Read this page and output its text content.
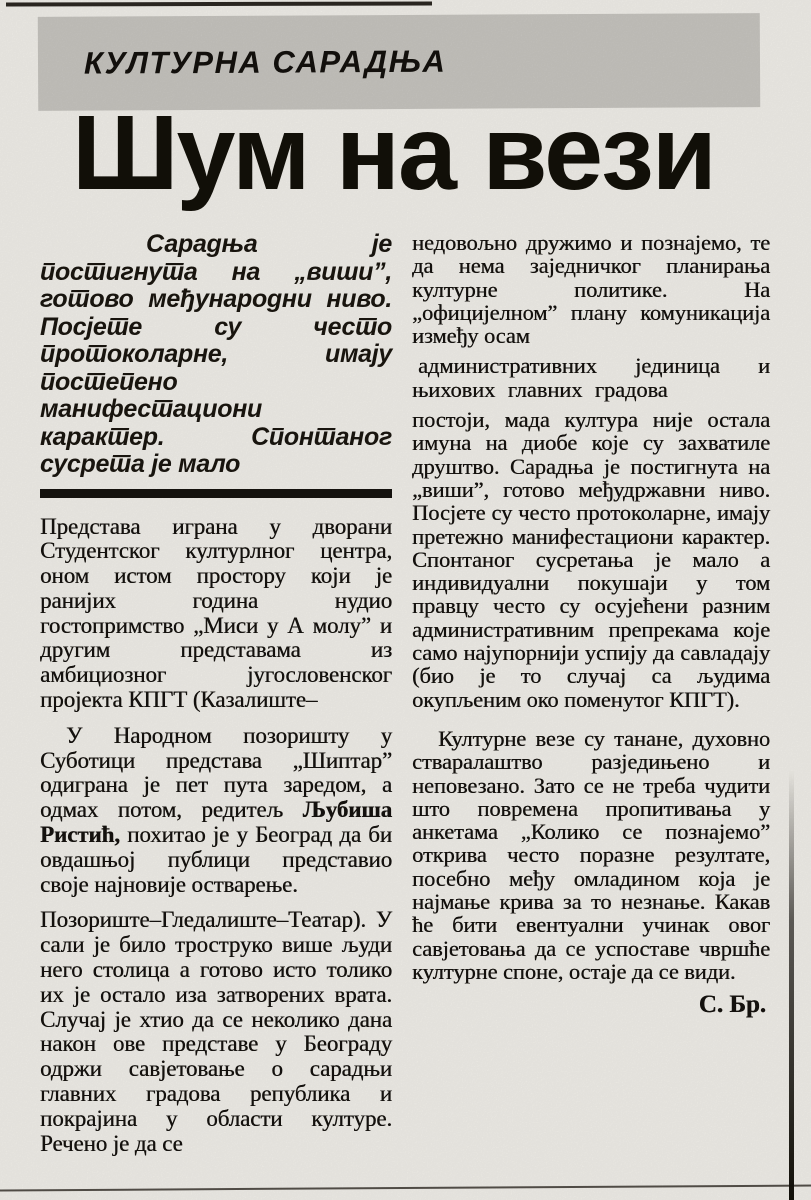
КУЛТУРНА САРАДЊА
Шум на вези

Сарадња је постигнута на „виши”, готово међународни ниво. Посјете су често протоколарне, имају постепено манифестациони карактер. Спонтаног сусрета је мало

Представа играна у дворани Студентског културлног центра, оном истом простору који је ранијих година нудио гостопримство „Миси у А молу” и другим представама из амбициозног југословенског пројекта КПГТ (Казалиште–

У Народном позоришту у Суботици представа „Шиптар” одиграна је пет пута заредом, а одмах потом, редитељ Љубиша Ристић, похитао је у Београд да би овдашњој публици представио своје најновије остварење.

Позориште–Гледалиште–Театар). У сали је било троструко више људи него столица а готово исто толико их је остало иза затворених врата. Случај је хтио да се неколико дана након ове представе у Београду одржи савјетовање о сарадњи главних градова република и покрајина у области културе. Речено је да се

недовољно дружимо и познајемо, те да нема заједничког планирања културне политике. На „официјелном” плану комуникација између осам

административних јединица и њихових главних градова

постоји, мада култура није остала имуна на диобе које су захватиле друштво. Сарадња је постигнута на „виши”, готово међудржавни ниво. Посјете су често протоколарне, имају претежно манифестациони карактер. Спонтаног сусретања је мало а индивидуални покушаји у том правцу често су осујећени разним административним препрекама које само најупорнији успију да савладају (био је то случај са људима окупљеним око поменутог КПГТ).

Културне везе су танане, духовно стваралаштво разједињено и неповезано. Зато се не треба чудити што повремена пропитивања у анкетама „Колико се познајемо” открива често поразне резултате, посебно међу омладином која је најмање крива за то незнање. Какав ће бити евентуални учинак овог савјетовања да се успоставе чвршће културне споне, остаје да се види.

С. Бр.
